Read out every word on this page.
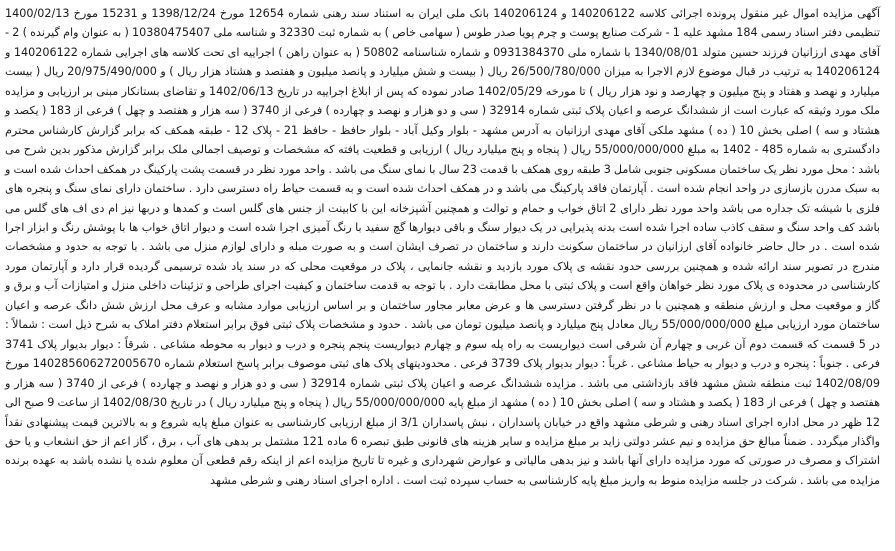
آگهی مزایده اموال غیر منقول پرونده اجرائی کلاسه 140206122 و 140206124 بانک ملی ایران به استناد سند رهنی شماره 12654 مورخ 1398/12/24 و 15231 مورخ 1400/02/13 تنظیمی دفتر اسناد رسمی 184 مشهد علیه 1 - شرکت صنایع پوست و چرم پویا صدر طوس ( سهامی خاص ) به شماره ثبت 32330 و شناسه ملی 10380475407 ( به عنوان وام گیرنده ) 2 - آقای مهدی ارزانیان فرزند حسین متولد 1340/08/01 با شماره ملی 0931384370 و شماره شناسنامه 50802 ( به عنوان راهن ) اجراییه ای تحت کلاسه های اجرایی شماره 140206122 و 140206124 به ترتیب در قبال موضوع لازم الاجرا به میزان 26/500/780/000 ریال ( بیست و شش میلیارد و پانصد میلیون و هفتصد و هشتاد هزار ریال ) و 20/975/490/000 ریال ( بیست میلیارد و نهصد و هفتاد و پنج میلیون و چهارصد و نود هزار ریال ) تا مورخه 1402/05/29 صادر نموده که پس از ابلاغ اجراییه در تاریخ 1402/06/13 و تقاضای بستانکار مبنی بر ارزیابی و مزایده ملک مورد وثیقه که عبارت است از ششدانگ عرصه و اعیان پلاک ثبتی شماره 32914 ( سی و دو هزار و نهصد و چهارده ) فرعی از 3740 ( سه هزار و هفتصد و چهل ) فرعی از 183 ( یکصد و هشتاد و سه ) اصلی بخش 10 ( ده ) مشهد ملکی آقای مهدی ارزانیان به آدرس مشهد - بلوار وکیل آباد - بلوار حافظ - حافظ 21 - پلاک 12 - طبقه همکف که برابر گزارش کارشناس محترم دادگستری به شماره 485 - 1402 به مبلغ 55/000/000/000 ریال ( پنجاه و پنج میلیارد ریال ) ارزیابی و قطعیت یافته که مشخصات و توصیف اجمالی ملک برابر گزارش مذکور بدین شرح می باشد : محل مورد نظر یک ساختمان مسکونی جنوبی شامل 3 طبقه روی همکف با قدمت 23 سال با نمای سنگ می باشد . واحد مورد نظر در قسمت پشت پارکینگ در همکف احداث شده است و به سبک مدرن بازسازی در واحد انجام شده است . آپارتمان فاقد پارکینگ می باشد و در همکف احداث شده است و به قسمت حیاط راه دسترسی دارد . ساختمان دارای نمای سنگ و پنجره های فلزی با شیشه تک جداره می باشد واحد مورد نظر دارای 2 اتاق خواب و حمام و توالت و همچنین آشپزخانه این با کابینت از جنس های گلس است و کمدها و دربها نیز ام دی اف های گلس می باشد کف واحد سنگ و سقف کاذب ساده اجرا شده است بدنه پذیرایی در یک دیوار سنگ و باقی دیوارها گچ سفید با رنگ آمیزی اجرا شده است و دیوار اتاق خواب ها با پوشش رنگ و ابزار اجرا شده است . در حال حاضر خانواده آقای ارزانیان در ساختمان سکونت دارند و ساختمان در تصرف ایشان است و به صورت مبله و دارای لوازم منزل می باشد . با توجه به حدود و مشخصات مندرج در تصویر سند ارائه شده و همچنین بررسی حدود نقشه ی پلاک مورد بازدید و نقشه جانمایی ، پلاک در موقعیت محلی که در سند یاد شده ترسیمی گردیده قرار دارد و آپارتمان مورد کارشناسی در محدوده ی پلاک مورد نظر خواهان واقع است و پلاک ثبتی با محل مطابقت دارد . با توجه به قدمت ساختمان و کیفیت اجرای طراحی و تزئینات داخلی منزل و امتیازات آب و برق و گاز و موقعیت محل و ارزش منطقه و همچنین با در نظر گرفتن دسترسی ها و عرض معابر مجاور ساختمان و بر اساس ارزیابی موارد مشابه و عرف محل ارزش شش دانگ عرصه و اعیان ساختمان مورد ارزیابی مبلغ 55/000/000/000 ریال معادل پنج میلیارد و پانصد میلیون تومان می باشد . حدود و مشخصات پلاک ثبتی فوق برابر استعلام دفتر املاک به شرح ذیل است : شمالاً : در 5 قسمت که قسمت دوم آن غربی و چهارم آن شرقی است دیواریست به راه پله سوم و چهارم دیواریست پنجم پنجره و درب و دیوار به محوطه مشاعی . شرقاً : دیوار بدیوار پلاک 3741 فرعی . جنوباً : پنجره و درب و دیوار به حیاط مشاعی . غرباً : دیوار بدیوار پلاک 3739 فرعی . محدودیتهای پلاک های ثبتی موصوف برابر پاسخ استعلام شماره 140285606272005670 مورخ 1402/08/09 ثبت منطقه شش مشهد فاقد بازداشتی می باشد . مزایده ششدانگ عرصه و اعیان پلاک ثبتی شماره 32914 ( سی و دو هزار و نهصد و چهارده ) فرعی از 3740 ( سه هزار و هفتصد و چهل ) فرعی از 183 ( یکصد و هشتاد و سه ) اصلی بخش 10 ( ده ) مشهد از مبلغ پایه 55/000/000/000 ریال ( پنجاه و پنج میلیارد ریال ) در تاریخ 1402/08/30 از ساعت 9 صبح الی 12 ظهر در محل اداره اجرای اسناد رهنی و شرطی مشهد واقع در خیابان پاسداران ، نبش پاسداران 3/1 از مبلغ ارزیابی کارشناسی به عنوان مبلغ پایه شروع و به بالاترین قیمت پیشنهادی نقداً واگذار میگردد . ضمناً مبالغ حق مزایده و نیم عشر دولتی زاید بر مبلغ مزایده و سایر هزینه های قانونی طبق تبصره 6 ماده 121 مشتمل بر بدهی های آب ، برق ، گاز اعم از حق انشعاب و یا حق اشتراک و مصرف در صورتی که مورد مزایده دارای آنها باشد و نیز بدهی مالیاتی و عوارض شهرداری و غیره تا تاریخ مزایده اعم از اینکه رقم قطعی آن معلوم شده یا نشده باشد به عهده برنده مزایده می باشد . شرکت در جلسه مزایده منوط به واریز مبلغ پایه کارشناسی به حساب سپرده ثبت است . اداره اجرای اسناد رهنی و شرطی مشهد
